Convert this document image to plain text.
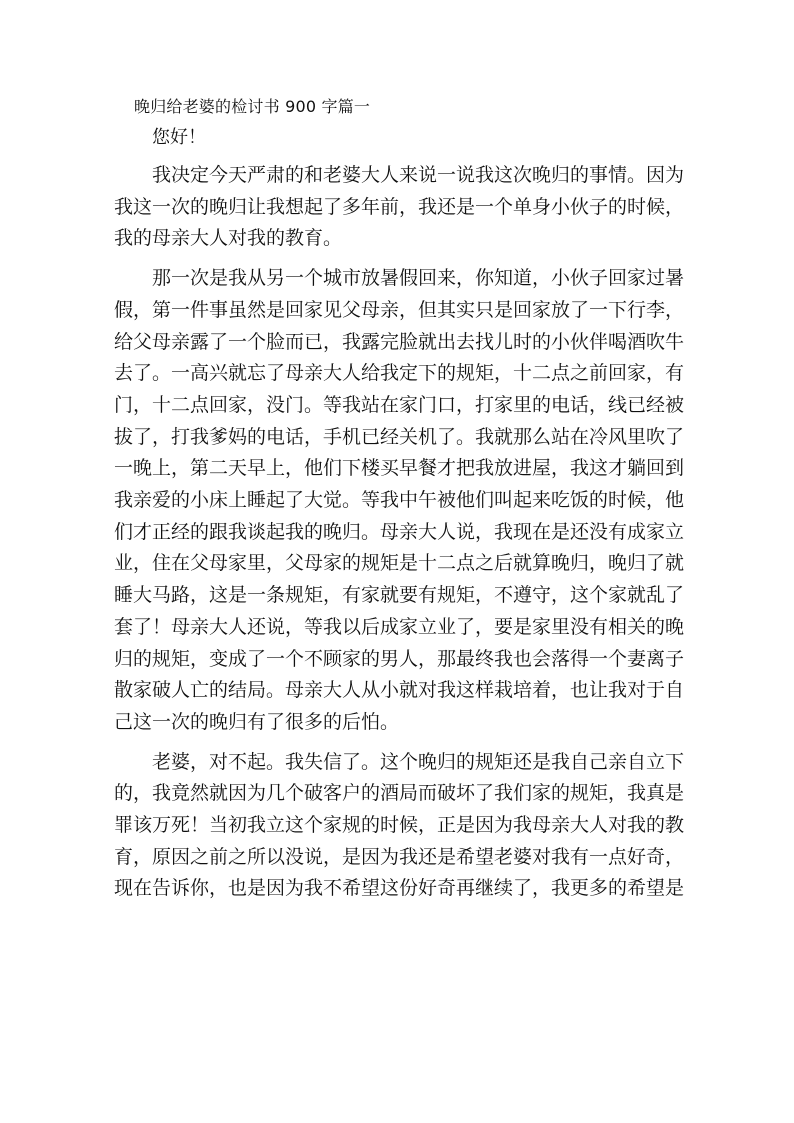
晚归给老婆的检讨书 900 字篇一
您好！

我决定今天严肃的和老婆大人来说一说我这次晚归的事情。因为我这一次的晚归让我想起了多年前，我还是一个单身小伙子的时候，我的母亲大人对我的教育。

那一次是我从另一个城市放暑假回来，你知道，小伙子回家过暑假，第一件事虽然是回家见父母亲，但其实只是回家放了一下行李，给父母亲露了一个脸而已，我露完脸就出去找儿时的小伙伴喝酒吹牛去了。一高兴就忘了母亲大人给我定下的规矩，十二点之前回家，有门，十二点回家，没门。等我站在家门口，打家里的电话，线已经被拔了，打我爹妈的电话，手机已经关机了。我就那么站在冷风里吹了一晚上，第二天早上，他们下楼买早餐才把我放进屋，我这才躺回到我亲爱的小床上睡起了大觉。等我中午被他们叫起来吃饭的时候，他们才正经的跟我谈起我的晚归。母亲大人说，我现在是还没有成家立业，住在父母家里，父母家的规矩是十二点之后就算晚归，晚归了就睡大马路，这是一条规矩，有家就要有规矩，不遵守，这个家就乱了套了！母亲大人还说，等我以后成家立业了，要是家里没有相关的晚归的规矩，变成了一个不顾家的男人，那最终我也会落得一个妻离子散家破人亡的结局。母亲大人从小就对我这样栽培着，也让我对于自己这一次的晚归有了很多的后怕。

老婆，对不起。我失信了。这个晚归的规矩还是我自己亲自立下的，我竟然就因为几个破客户的酒局而破坏了我们家的规矩，我真是罪该万死！当初我立这个家规的时候，正是因为我母亲大人对我的教育，原因之前之所以没说，是因为我还是希望老婆对我有一点好奇，现在告诉你，也是因为我不希望这份好奇再继续了，我更多的希望是
